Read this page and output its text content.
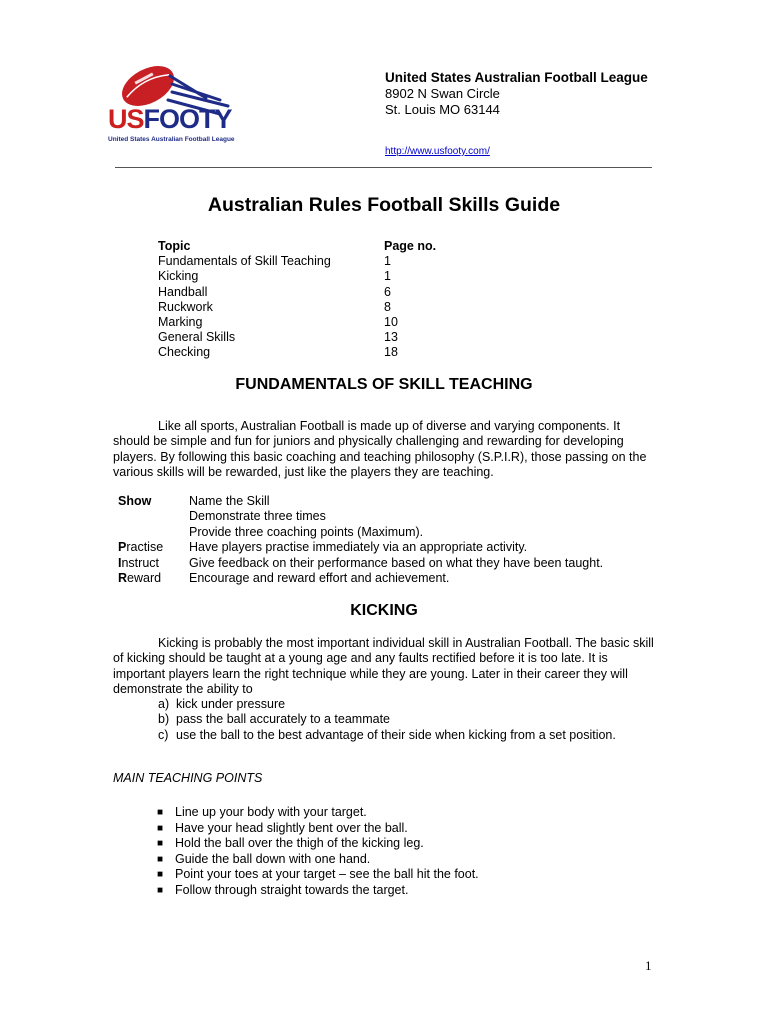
USFOOTY
United States Australian Football League
United States Australian Football League
8902 N Swan Circle
St. Louis MO 63144
http://www.usfooty.com/
Australian Rules Football Skills Guide
Topic	Page no.
Fundamentals of Skill Teaching	1
Kicking	1
Handball	6
Ruckwork	8
Marking	10
General Skills	13
Checking	18
FUNDAMENTALS OF SKILL TEACHING
Like all sports, Australian Football is made up of diverse and varying components. It should be simple and fun for juniors and physically challenging and rewarding for developing players. By following this basic coaching and teaching philosophy (S.P.I.R), those passing on the various skills will be rewarded, just like the players they are teaching.
Show	Name the Skill
Demonstrate three times
Provide three coaching points (Maximum).
Practise	Have players practise immediately via an appropriate activity.
Instruct	Give feedback on their performance based on what they have been taught.
Reward	Encourage and reward effort and achievement.
KICKING
Kicking is probably the most important individual skill in Australian Football. The basic skill of kicking should be taught at a young age and any faults rectified before it is too late. It is important players learn the right technique while they are young. Later in their career they will demonstrate the ability to
a) kick under pressure
b) pass the ball accurately to a teammate
c) use the ball to the best advantage of their side when kicking from a set position.
MAIN TEACHING POINTS
■ Line up your body with your target.
■ Have your head slightly bent over the ball.
■ Hold the ball over the thigh of the kicking leg.
■ Guide the ball down with one hand.
■ Point your toes at your target – see the ball hit the foot.
■ Follow through straight towards the target.
1
